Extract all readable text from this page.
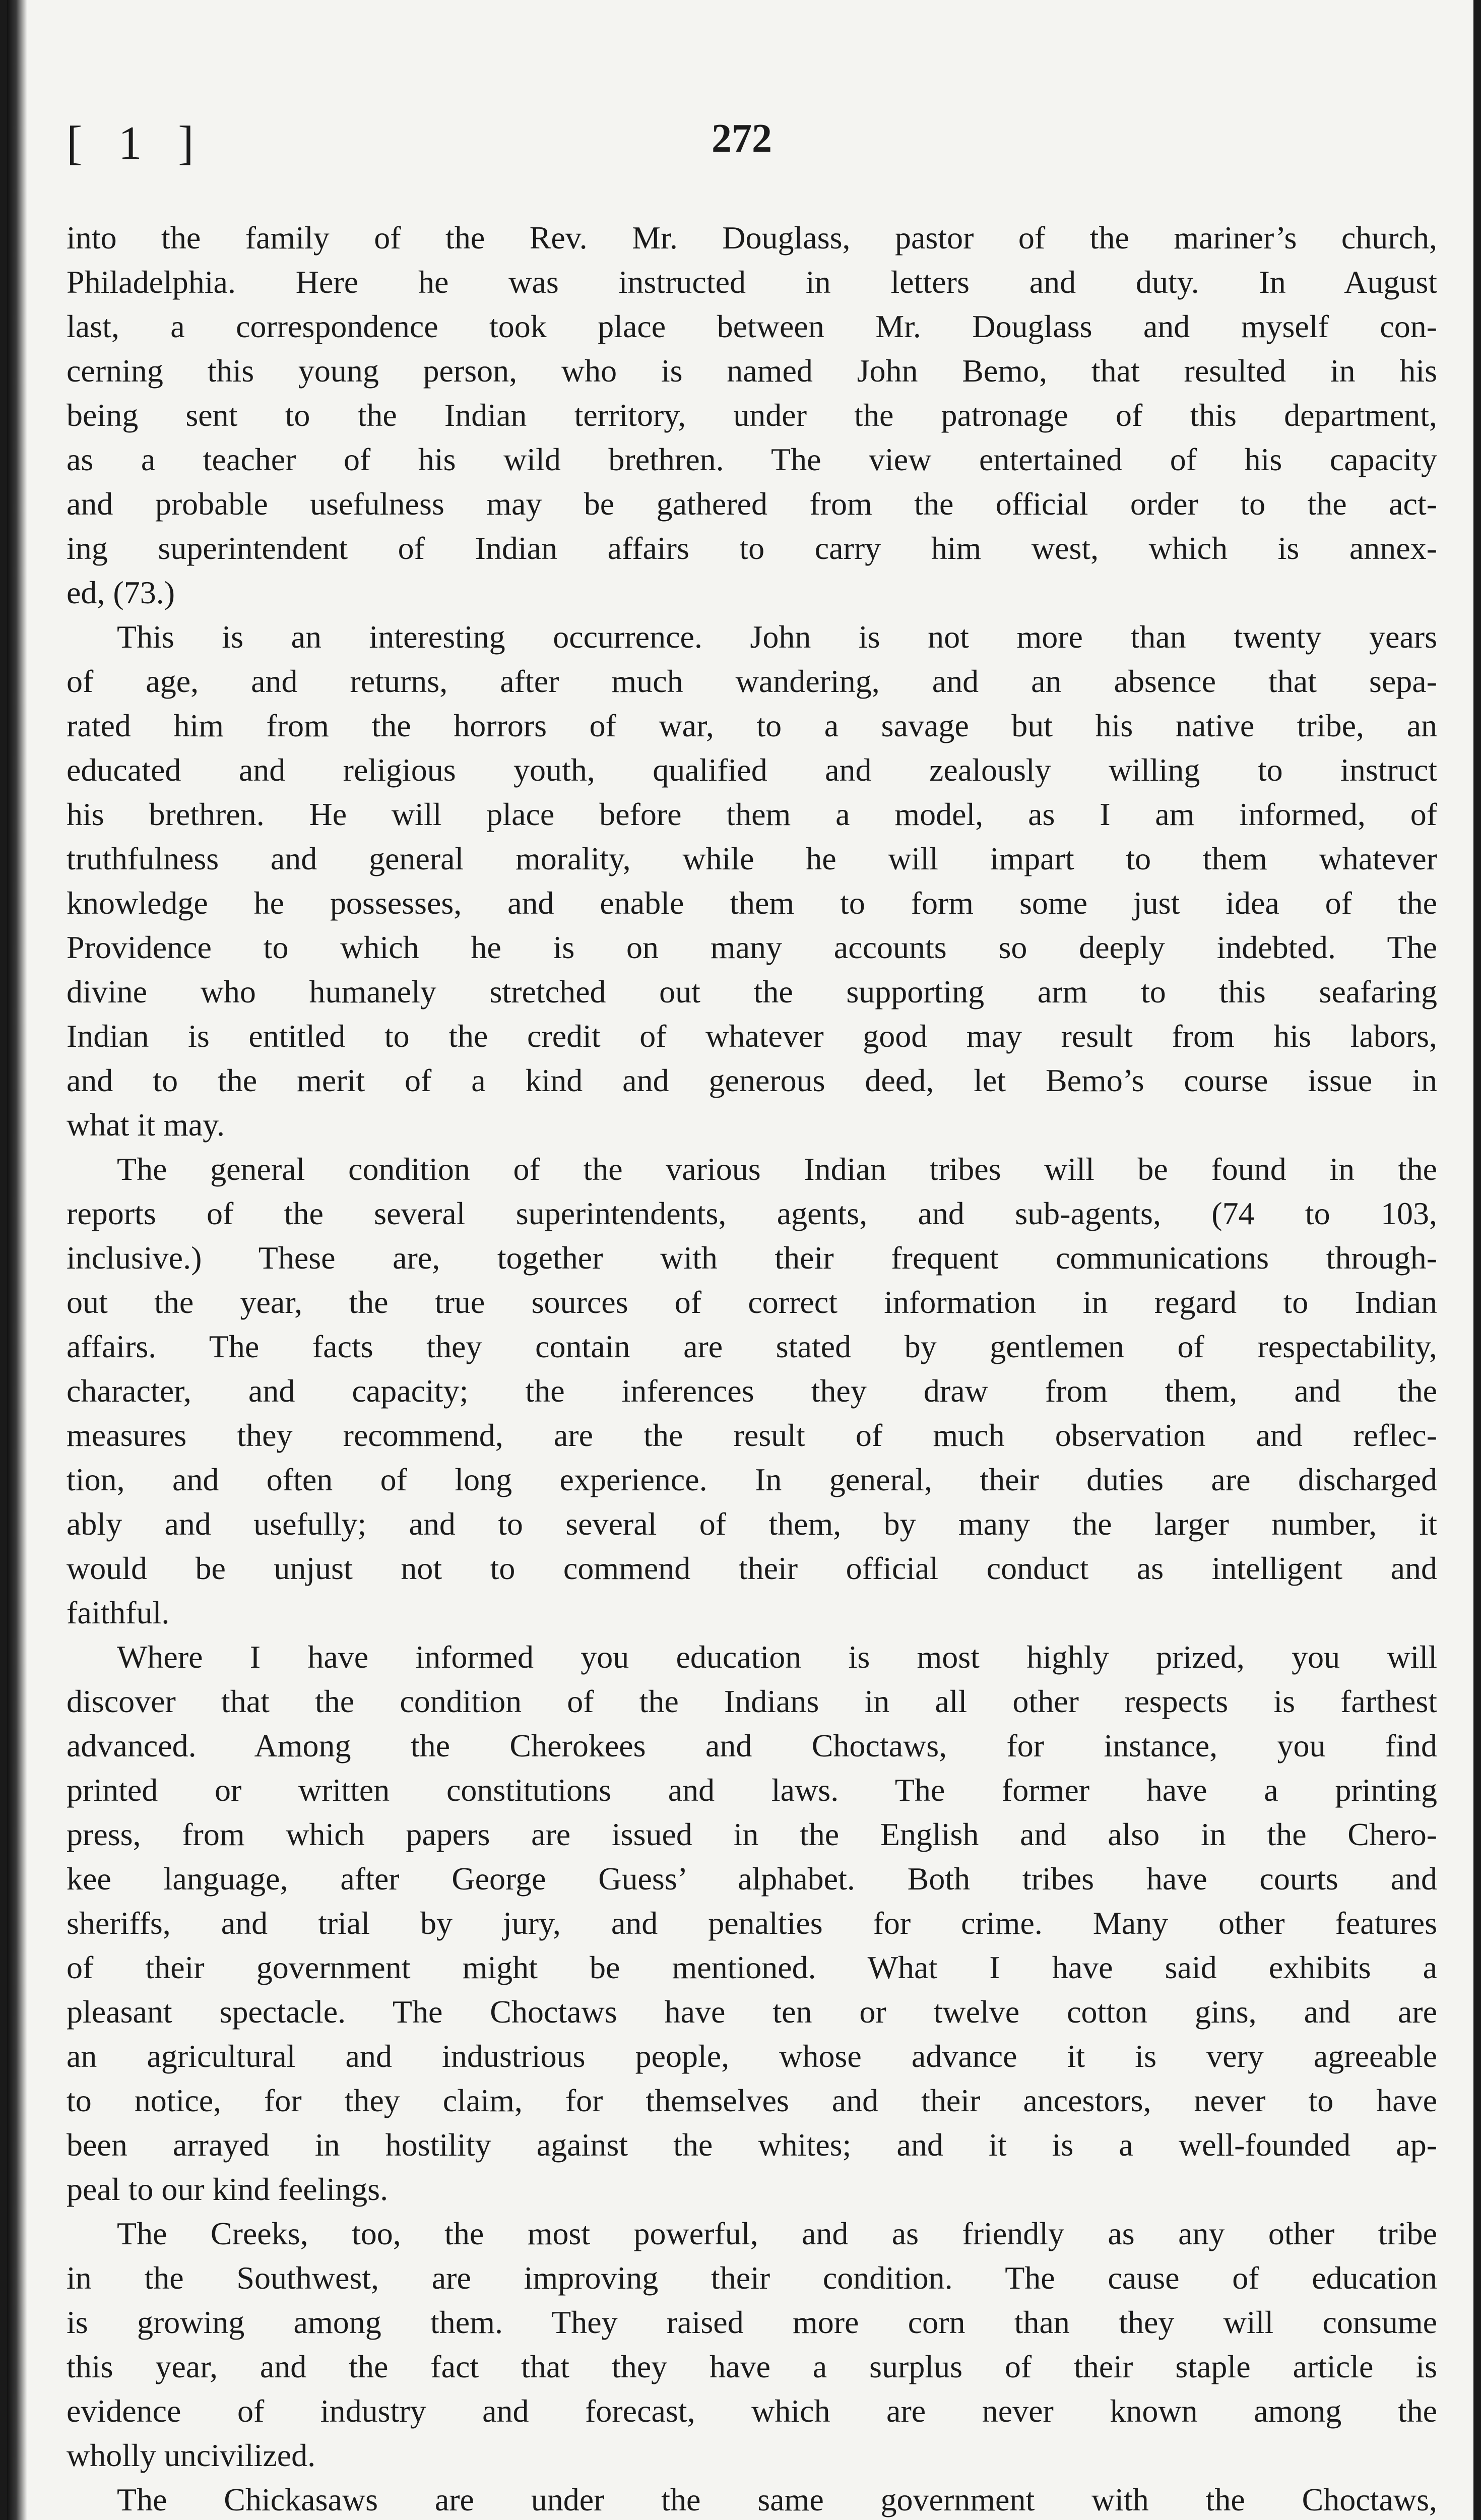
[ 1 ]	272
into the family of the Rev. Mr. Douglass, pastor of the mariner’s church,
Philadelphia. Here he was instructed in letters and duty. In August
last, a correspondence took place between Mr. Douglass and myself con-
cerning this young person, who is named John Bemo, that resulted in his
being sent to the Indian territory, under the patronage of this department,
as a teacher of his wild brethren. The view entertained of his capacity
and probable usefulness may be gathered from the official order to the act-
ing superintendent of Indian affairs to carry him west, which is annex-
ed, (73.)
This is an interesting occurrence. John is not more than twenty years
of age, and returns, after much wandering, and an absence that sepa-
rated him from the horrors of war, to a savage but his native tribe, an
educated and religious youth, qualified and zealously willing to instruct
his brethren. He will place before them a model, as I am informed, of
truthfulness and general morality, while he will impart to them whatever
knowledge he possesses, and enable them to form some just idea of the
Providence to which he is on many accounts so deeply indebted. The
divine who humanely stretched out the supporting arm to this seafaring
Indian is entitled to the credit of whatever good may result from his labors,
and to the merit of a kind and generous deed, let Bemo’s course issue in
what it may.
The general condition of the various Indian tribes will be found in the
reports of the several superintendents, agents, and sub-agents, (74 to 103,
inclusive.) These are, together with their frequent communications through-
out the year, the true sources of correct information in regard to Indian
affairs. The facts they contain are stated by gentlemen of respectability,
character, and capacity; the inferences they draw from them, and the
measures they recommend, are the result of much observation and reflec-
tion, and often of long experience. In general, their duties are discharged
ably and usefully; and to several of them, by many the larger number, it
would be unjust not to commend their official conduct as intelligent and
faithful.
Where I have informed you education is most highly prized, you will
discover that the condition of the Indians in all other respects is farthest
advanced. Among the Cherokees and Choctaws, for instance, you find
printed or written constitutions and laws. The former have a printing
press, from which papers are issued in the English and also in the Chero-
kee language, after George Guess’ alphabet. Both tribes have courts and
sheriffs, and trial by jury, and penalties for crime. Many other features
of their government might be mentioned. What I have said exhibits a
pleasant spectacle. The Choctaws have ten or twelve cotton gins, and are
an agricultural and industrious people, whose advance it is very agreeable
to notice, for they claim, for themselves and their ancestors, never to have
been arrayed in hostility against the whites; and it is a well-founded ap-
peal to our kind feelings.
The Creeks, too, the most powerful, and as friendly as any other tribe
in the Southwest, are improving their condition. The cause of education
is growing among them. They raised more corn than they will consume
this year, and the fact that they have a surplus of their staple article is
evidence of industry and forecast, which are never known among the
wholly uncivilized.
The Chickasaws are under the same government with the Choctaws,
